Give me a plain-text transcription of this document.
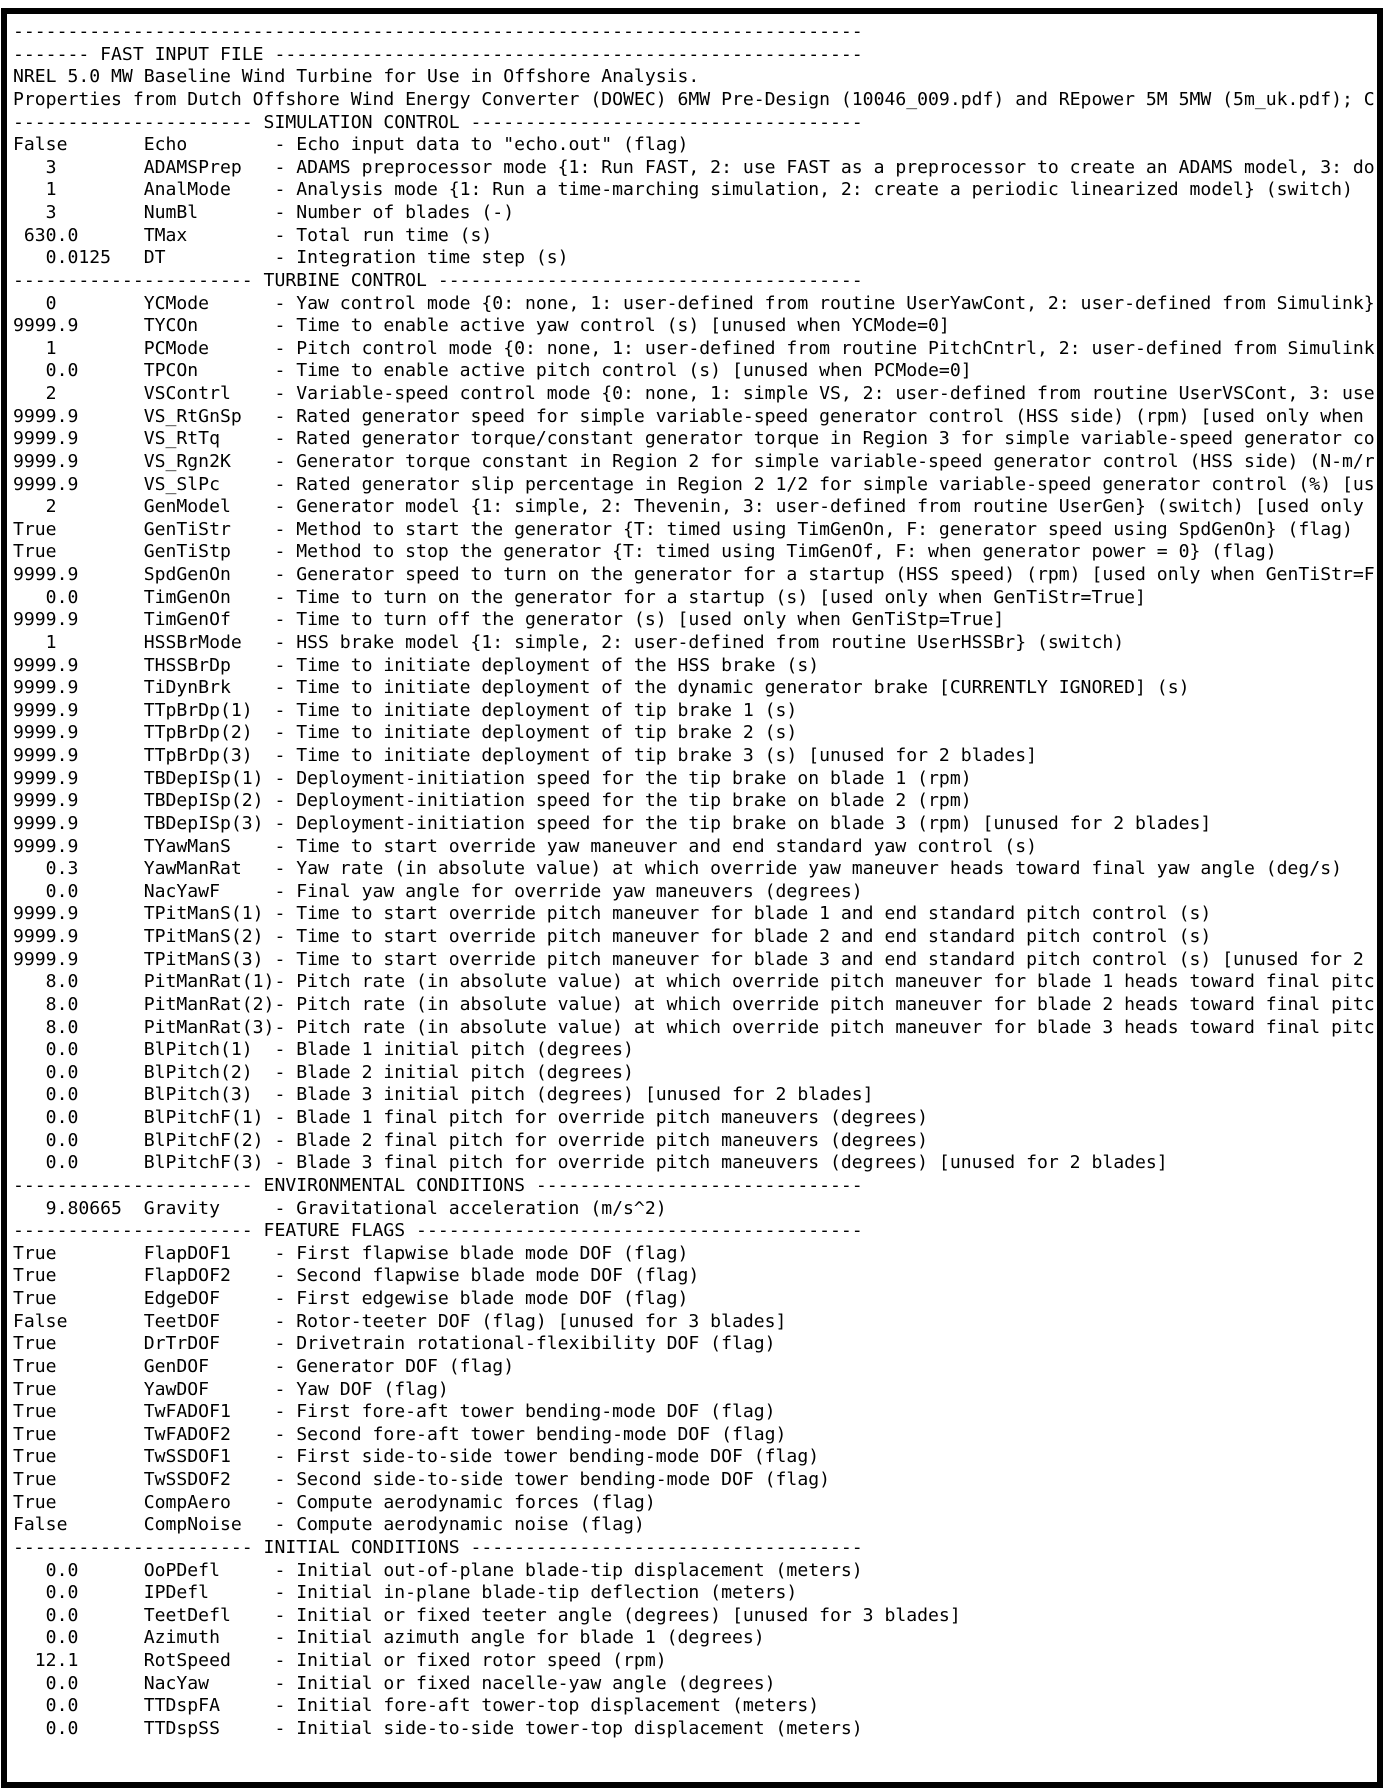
------------------------------------------------------------------------------
------- FAST INPUT FILE ------------------------------------------------------
NREL 5.0 MW Baseline Wind Turbine for Use in Offshore Analysis.
Properties from Dutch Offshore Wind Energy Converter (DOWEC) 6MW Pre-Design (10046_009.pdf) and REpower 5M 5MW (5m_uk.pdf); C
---------------------- SIMULATION CONTROL ------------------------------------
False       Echo        - Echo input data to "echo.out" (flag)
3        ADAMSPrep   - ADAMS preprocessor mode {1: Run FAST, 2: use FAST as a preprocessor to create an ADAMS model, 3: do
1        AnalMode    - Analysis mode {1: Run a time-marching simulation, 2: create a periodic linearized model} (switch)
3        NumBl       - Number of blades (-)
630.0      TMax        - Total run time (s)
0.0125   DT          - Integration time step (s)
---------------------- TURBINE CONTROL ---------------------------------------
0        YCMode      - Yaw control mode {0: none, 1: user-defined from routine UserYawCont, 2: user-defined from Simulink}
9999.9      TYCOn       - Time to enable active yaw control (s) [unused when YCMode=0]
1        PCMode      - Pitch control mode {0: none, 1: user-defined from routine PitchCntrl, 2: user-defined from Simulink
0.0      TPCOn       - Time to enable active pitch control (s) [unused when PCMode=0]
2        VSContrl    - Variable-speed control mode {0: none, 1: simple VS, 2: user-defined from routine UserVSCont, 3: use
9999.9      VS_RtGnSp   - Rated generator speed for simple variable-speed generator control (HSS side) (rpm) [used only when
9999.9      VS_RtTq     - Rated generator torque/constant generator torque in Region 3 for simple variable-speed generator co
9999.9      VS_Rgn2K    - Generator torque constant in Region 2 for simple variable-speed generator control (HSS side) (N-m/r
9999.9      VS_SlPc     - Rated generator slip percentage in Region 2 1/2 for simple variable-speed generator control (%) [us
2        GenModel    - Generator model {1: simple, 2: Thevenin, 3: user-defined from routine UserGen} (switch) [used only
True        GenTiStr    - Method to start the generator {T: timed using TimGenOn, F: generator speed using SpdGenOn} (flag)
True        GenTiStp    - Method to stop the generator {T: timed using TimGenOf, F: when generator power = 0} (flag)
9999.9      SpdGenOn    - Generator speed to turn on the generator for a startup (HSS speed) (rpm) [used only when GenTiStr=F
0.0      TimGenOn    - Time to turn on the generator for a startup (s) [used only when GenTiStr=True]
9999.9      TimGenOf    - Time to turn off the generator (s) [used only when GenTiStp=True]
1        HSSBrMode   - HSS brake model {1: simple, 2: user-defined from routine UserHSSBr} (switch)
9999.9      THSSBrDp    - Time to initiate deployment of the HSS brake (s)
9999.9      TiDynBrk    - Time to initiate deployment of the dynamic generator brake [CURRENTLY IGNORED] (s)
9999.9      TTpBrDp(1)  - Time to initiate deployment of tip brake 1 (s)
9999.9      TTpBrDp(2)  - Time to initiate deployment of tip brake 2 (s)
9999.9      TTpBrDp(3)  - Time to initiate deployment of tip brake 3 (s) [unused for 2 blades]
9999.9      TBDepISp(1) - Deployment-initiation speed for the tip brake on blade 1 (rpm)
9999.9      TBDepISp(2) - Deployment-initiation speed for the tip brake on blade 2 (rpm)
9999.9      TBDepISp(3) - Deployment-initiation speed for the tip brake on blade 3 (rpm) [unused for 2 blades]
9999.9      TYawManS    - Time to start override yaw maneuver and end standard yaw control (s)
0.3      YawManRat   - Yaw rate (in absolute value) at which override yaw maneuver heads toward final yaw angle (deg/s)
0.0      NacYawF     - Final yaw angle for override yaw maneuvers (degrees)
9999.9      TPitManS(1) - Time to start override pitch maneuver for blade 1 and end standard pitch control (s)
9999.9      TPitManS(2) - Time to start override pitch maneuver for blade 2 and end standard pitch control (s)
9999.9      TPitManS(3) - Time to start override pitch maneuver for blade 3 and end standard pitch control (s) [unused for 2
8.0      PitManRat(1)- Pitch rate (in absolute value) at which override pitch maneuver for blade 1 heads toward final pitc
8.0      PitManRat(2)- Pitch rate (in absolute value) at which override pitch maneuver for blade 2 heads toward final pitc
8.0      PitManRat(3)- Pitch rate (in absolute value) at which override pitch maneuver for blade 3 heads toward final pitc
0.0      BlPitch(1)  - Blade 1 initial pitch (degrees)
0.0      BlPitch(2)  - Blade 2 initial pitch (degrees)
0.0      BlPitch(3)  - Blade 3 initial pitch (degrees) [unused for 2 blades]
0.0      BlPitchF(1) - Blade 1 final pitch for override pitch maneuvers (degrees)
0.0      BlPitchF(2) - Blade 2 final pitch for override pitch maneuvers (degrees)
0.0      BlPitchF(3) - Blade 3 final pitch for override pitch maneuvers (degrees) [unused for 2 blades]
---------------------- ENVIRONMENTAL CONDITIONS ------------------------------
9.80665  Gravity     - Gravitational acceleration (m/s^2)
---------------------- FEATURE FLAGS -----------------------------------------
True        FlapDOF1    - First flapwise blade mode DOF (flag)
True        FlapDOF2    - Second flapwise blade mode DOF (flag)
True        EdgeDOF     - First edgewise blade mode DOF (flag)
False       TeetDOF     - Rotor-teeter DOF (flag) [unused for 3 blades]
True        DrTrDOF     - Drivetrain rotational-flexibility DOF (flag)
True        GenDOF      - Generator DOF (flag)
True        YawDOF      - Yaw DOF (flag)
True        TwFADOF1    - First fore-aft tower bending-mode DOF (flag)
True        TwFADOF2    - Second fore-aft tower bending-mode DOF (flag)
True        TwSSDOF1    - First side-to-side tower bending-mode DOF (flag)
True        TwSSDOF2    - Second side-to-side tower bending-mode DOF (flag)
True        CompAero    - Compute aerodynamic forces (flag)
False       CompNoise   - Compute aerodynamic noise (flag)
---------------------- INITIAL CONDITIONS ------------------------------------
0.0      OoPDefl     - Initial out-of-plane blade-tip displacement (meters)
0.0      IPDefl      - Initial in-plane blade-tip deflection (meters)
0.0      TeetDefl    - Initial or fixed teeter angle (degrees) [unused for 3 blades]
0.0      Azimuth     - Initial azimuth angle for blade 1 (degrees)
12.1      RotSpeed    - Initial or fixed rotor speed (rpm)
0.0      NacYaw      - Initial or fixed nacelle-yaw angle (degrees)
0.0      TTDspFA     - Initial fore-aft tower-top displacement (meters)
0.0      TTDspSS     - Initial side-to-side tower-top displacement (meters)
